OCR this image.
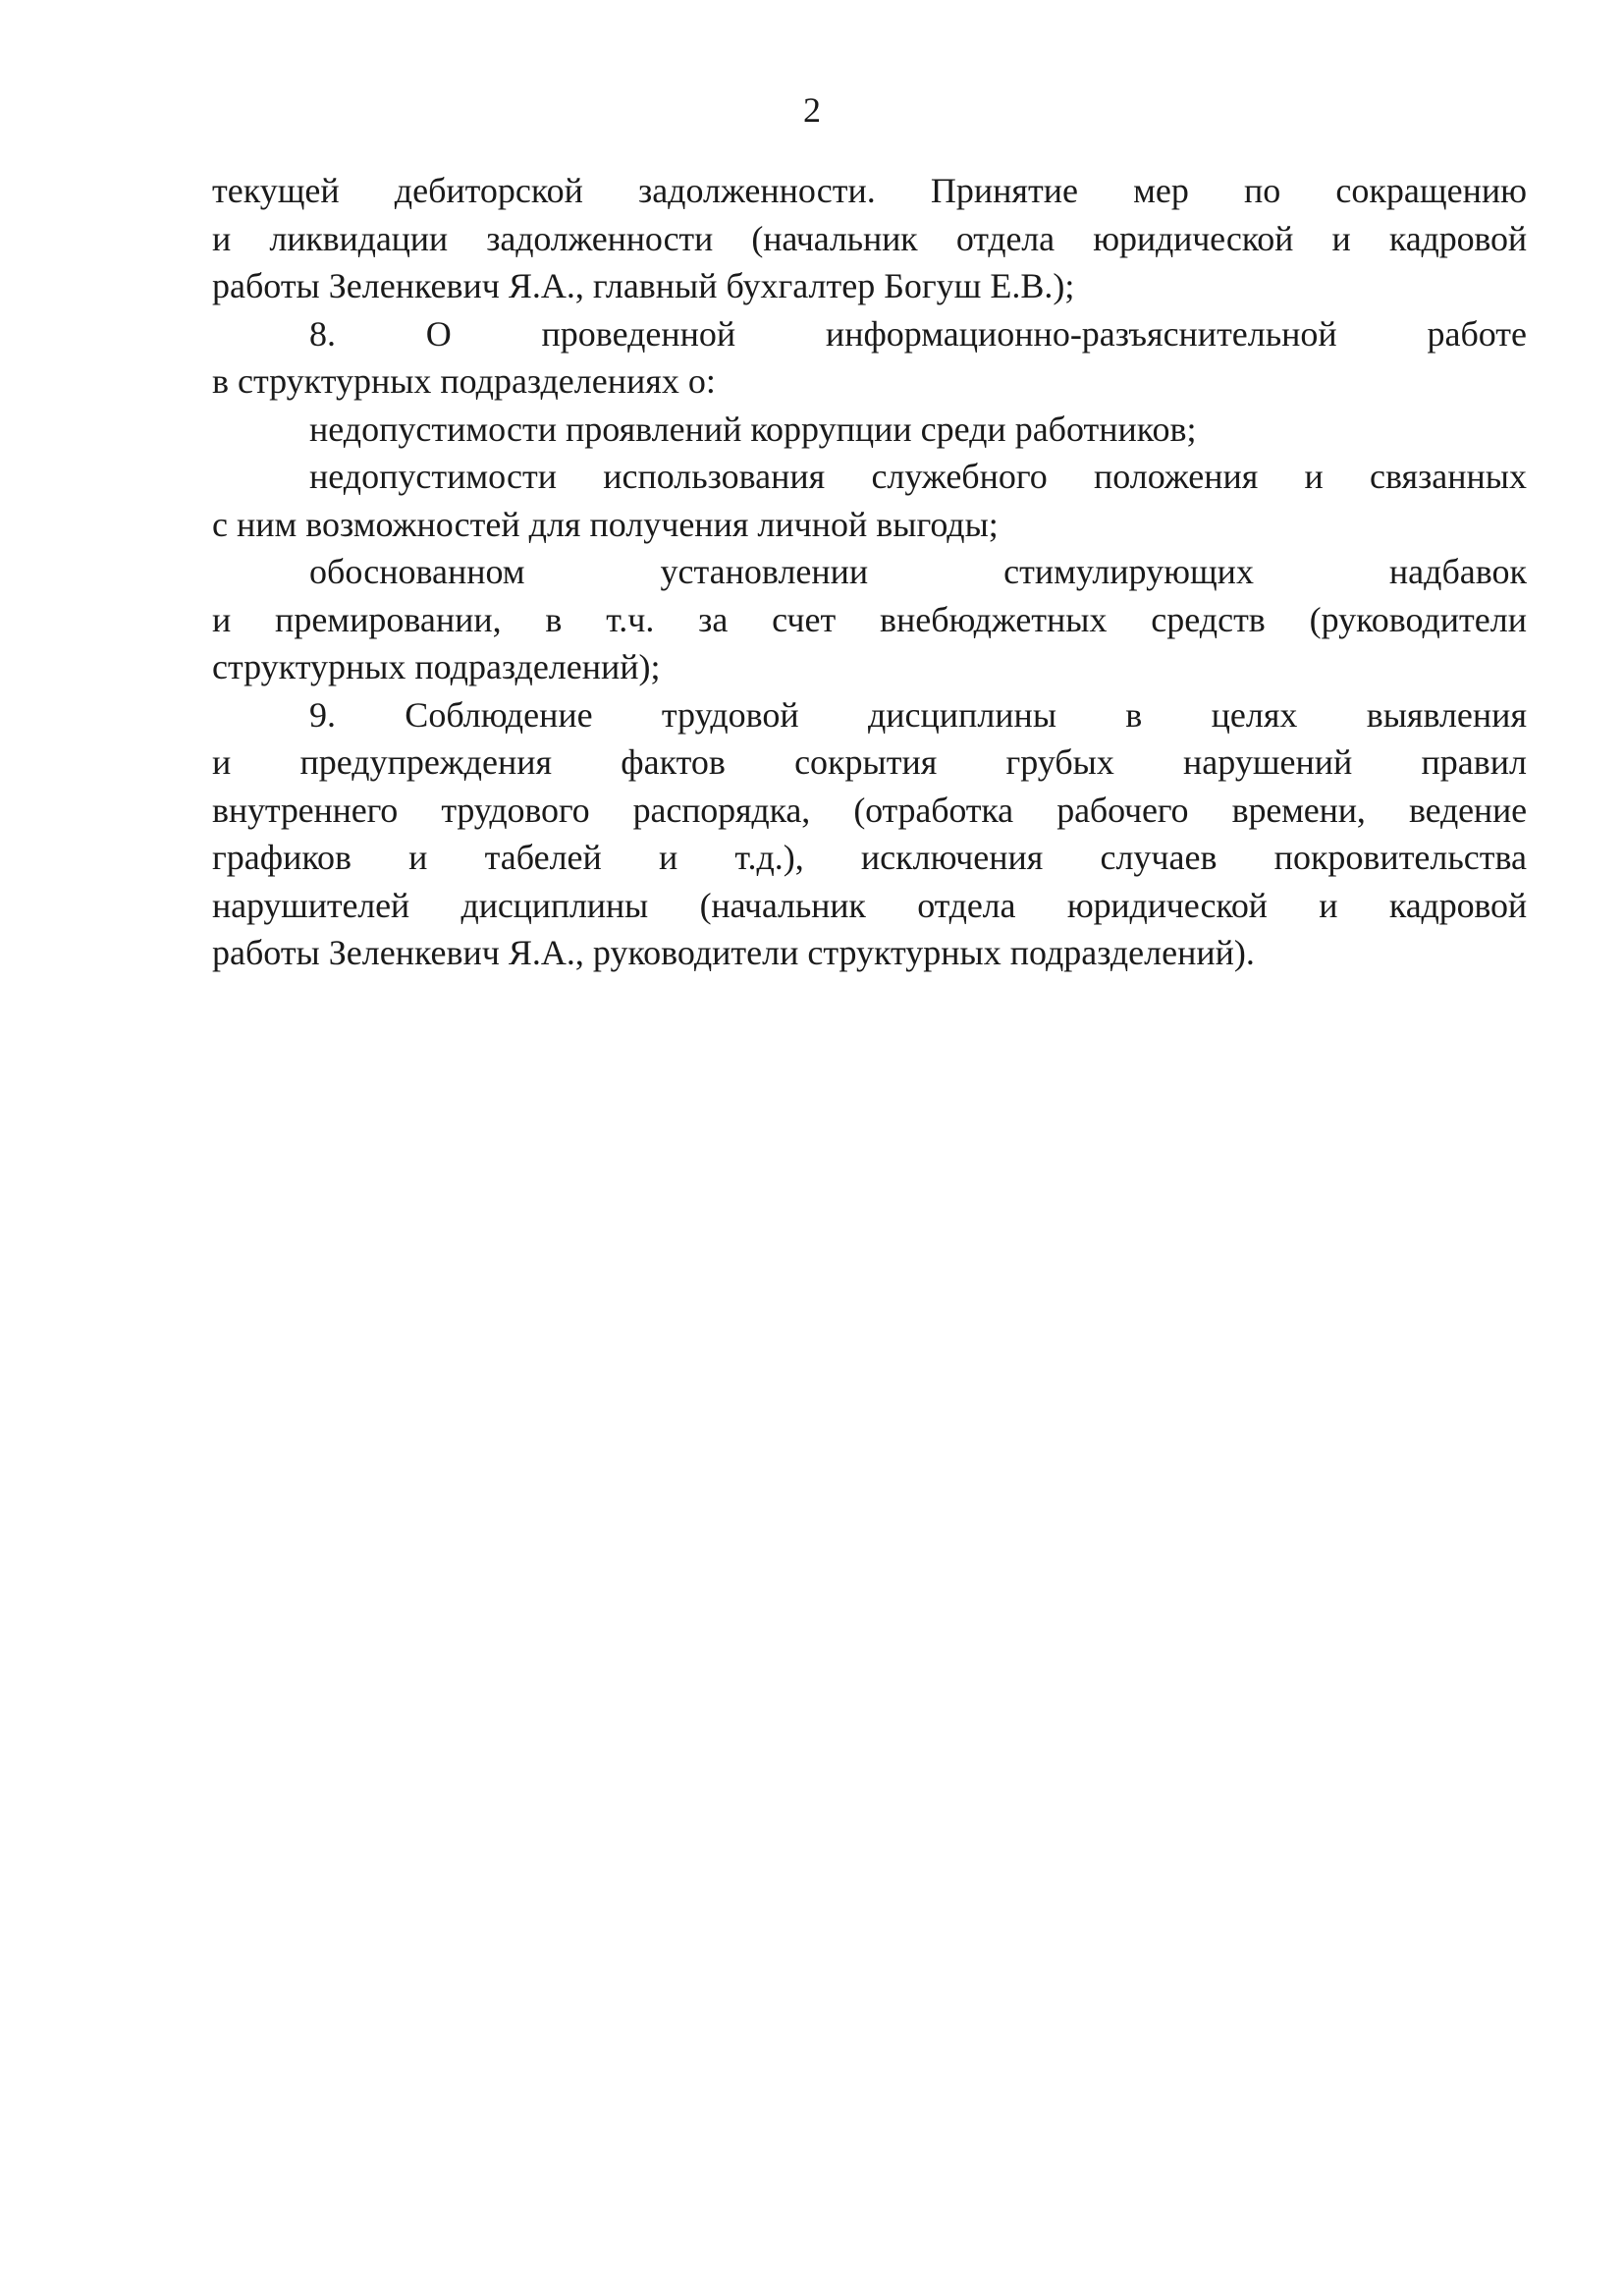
2
текущей дебиторской задолженности. Принятие мер по сокращению
и ликвидации задолженности (начальник отдела юридической и кадровой
работы Зеленкевич Я.А., главный бухгалтер Богуш Е.В.);
8. О проведенной информационно-разъяснительной работе
в структурных подразделениях о:
недопустимости проявлений коррупции среди работников;
недопустимости использования служебного положения и связанных
с ним возможностей для получения личной выгоды;
обоснованном установлении стимулирующих надбавок
и премировании, в т.ч. за счет внебюджетных средств (руководители
структурных подразделений);
9. Соблюдение трудовой дисциплины в целях выявления
и предупреждения фактов сокрытия грубых нарушений правил
внутреннего трудового распорядка, (отработка рабочего времени, ведение
графиков и табелей и т.д.), исключения случаев покровительства
нарушителей дисциплины (начальник отдела юридической и кадровой
работы Зеленкевич Я.А., руководители структурных подразделений).
